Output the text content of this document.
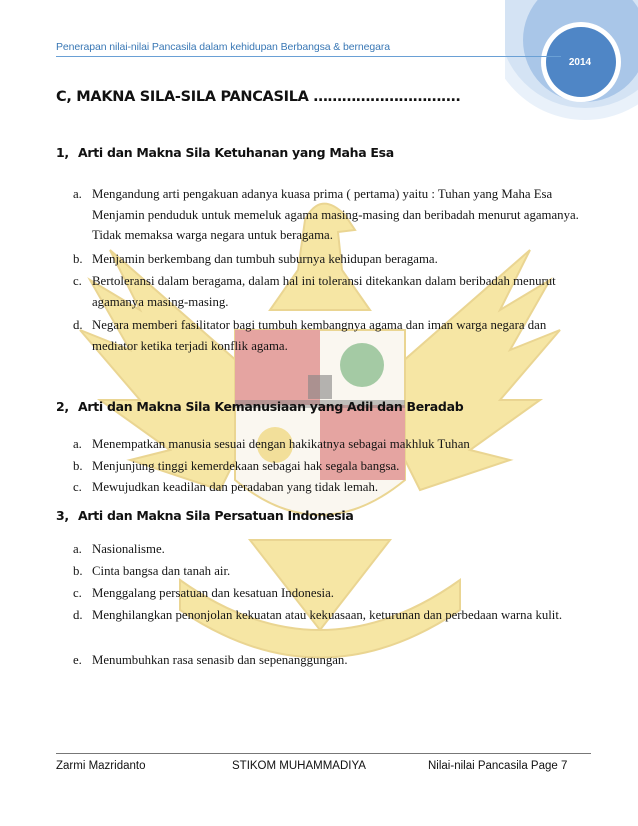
2014
Penerapan nilai-nilai Pancasila dalam kehidupan Berbangsa & bernegara
C, MAKNA SILA-SILA PANCASILA ………………………….
1, Arti dan Makna Sila Ketuhanan yang Maha Esa
a. Mengandung arti pengakuan adanya kuasa prima ( pertama) yaitu : Tuhan yang Maha Esa Menjamin penduduk untuk memeluk agama masing-masing dan beribadah menurut agamanya. Tidak memaksa warga negara untuk beragama.
b. Menjamin berkembang dan tumbuh suburnya kehidupan beragama.
c. Bertoleransi dalam beragama, dalam hal ini toleransi ditekankan dalam beribadah menurut agamanya masing-masing.
d. Negara memberi fasilitator bagi tumbuh kembangnya agama dan iman warga negara dan mediator ketika terjadi konflik agama.
2, Arti dan Makna Sila Kemanusiaan yang Adil dan Beradab
a. Menempatkan manusia sesuai dengan hakikatnya sebagai makhluk Tuhan
b. Menjunjung tinggi kemerdekaan sebagai hak segala bangsa.
c. Mewujudkan keadilan dan peradaban yang tidak lemah.
3, Arti dan Makna Sila Persatuan Indonesia
a. Nasionalisme.
b. Cinta bangsa dan tanah air.
c. Menggalang persatuan dan kesatuan Indonesia.
d. Menghilangkan penonjolan kekuatan atau kekuasaan, keturunan dan perbedaan warna kulit.
e. Menumbuhkan rasa senasib dan sepenanggungan.
Zarmi Mazridanto	STIKOM MUHAMMADIYA	Nilai-nilai Pancasila Page 7
